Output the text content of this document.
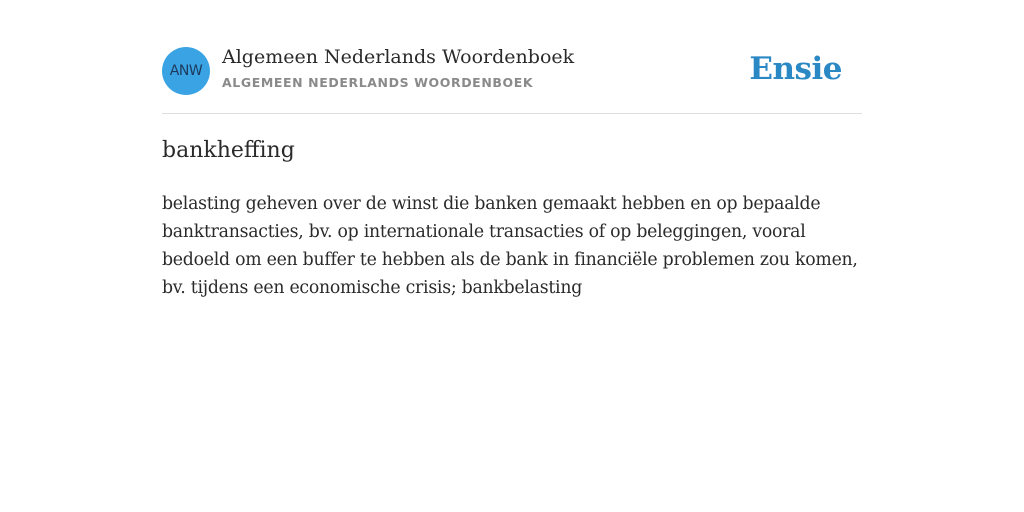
ANW
Algemeen Nederlands Woordenboek
ALGEMEEN NEDERLANDS WOORDENBOEK	Ensie
bankheffing
belasting geheven over de winst die banken gemaakt hebben en op bepaalde banktransacties, bv. op internationale transacties of op beleggingen, vooral bedoeld om een buffer te hebben als de bank in financiële problemen zou komen, bv. tijdens een economische crisis; bankbelasting
